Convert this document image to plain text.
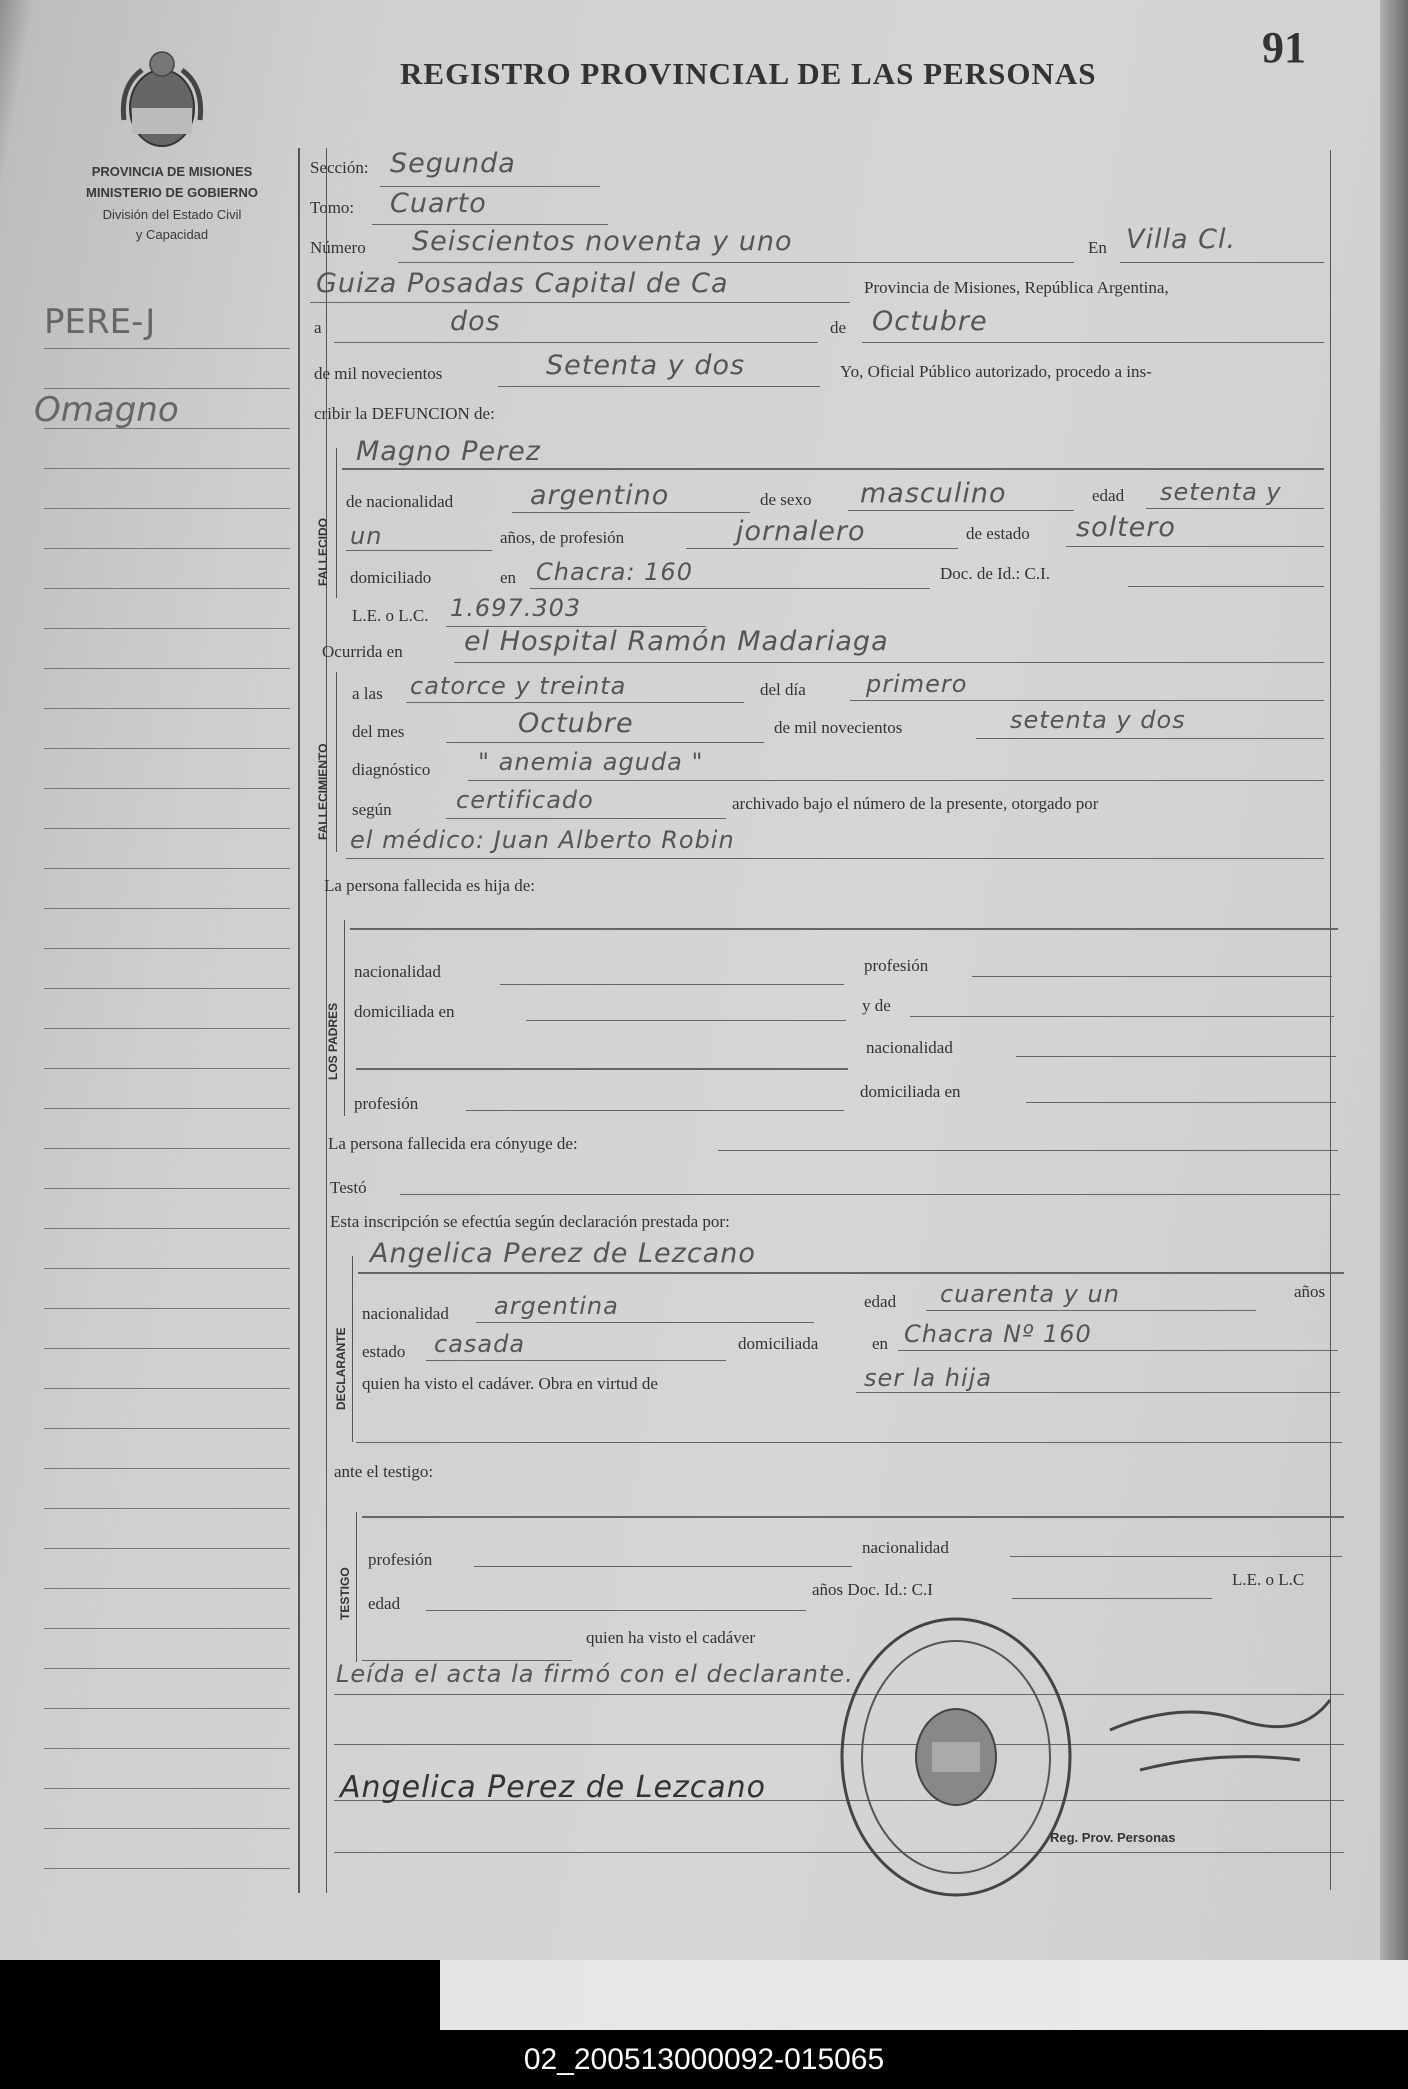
REGISTRO PROVINCIAL DE LAS PERSONAS
91
PROVINCIA DE MISIONES
MINISTERIO DE GOBIERNO
División del Estado Civil
y Capacidad
PERE-J
Omagno
Sección: Segunda
Tomo: Cuarto
Número Seiscientos noventa y uno	En Villa Cl.
Guiza Posadas Capital de Ca	Provincia de Misiones, República Argentina,
a	dos	de Octubre
de mil novecientos	Setenta y dos	Yo, Oficial Público autorizado, procedo a ins-
cribir la DEFUNCION de:
FALLECIDO
Magno Perez
de nacionalidad	argentino	de sexo masculino	edad setenta y
un	años, de profesión	jornalero	de estado soltero
domiciliado	en Chacra: 160	Doc. de Id.: C.I.
L.E. o L.C. 1.697.303
Ocurrida en el Hospital Ramón Madariaga
FALLECIMIENTO
a las catorce y treinta	del día	primero
del mes	Octubre	de mil novecientos	setenta y dos
diagnóstico " anemia aguda "
según	certificado	archivado bajo el número de la presente, otorgado por
el médico: Juan Alberto Robin
La persona fallecida es hija de:
LOS PADRES
nacionalidad	profesión
domiciliada en	y de
nacionalidad
profesión
domiciliada en
La persona fallecida era cónyuge de:
Testó
Esta inscripción se efectúa según declaración prestada por:
DECLARANTE
Angelica Perez de Lezcano
nacionalidad argentina	edad cuarenta y un	años
estado casada	domiciliada	en Chacra Nº 160
quien ha visto el cadáver. Obra en virtud de	ser la hija
ante el testigo:
TESTIGO
profesión
nacionalidad
edad
años Doc. Id.: C.I
L.E. o L.C
quien ha visto el cadáver
Leída el acta la firmó con el declarante.
Angelica Perez de Lezcano
Reg. Prov. Personas
02_200513000092-015065
